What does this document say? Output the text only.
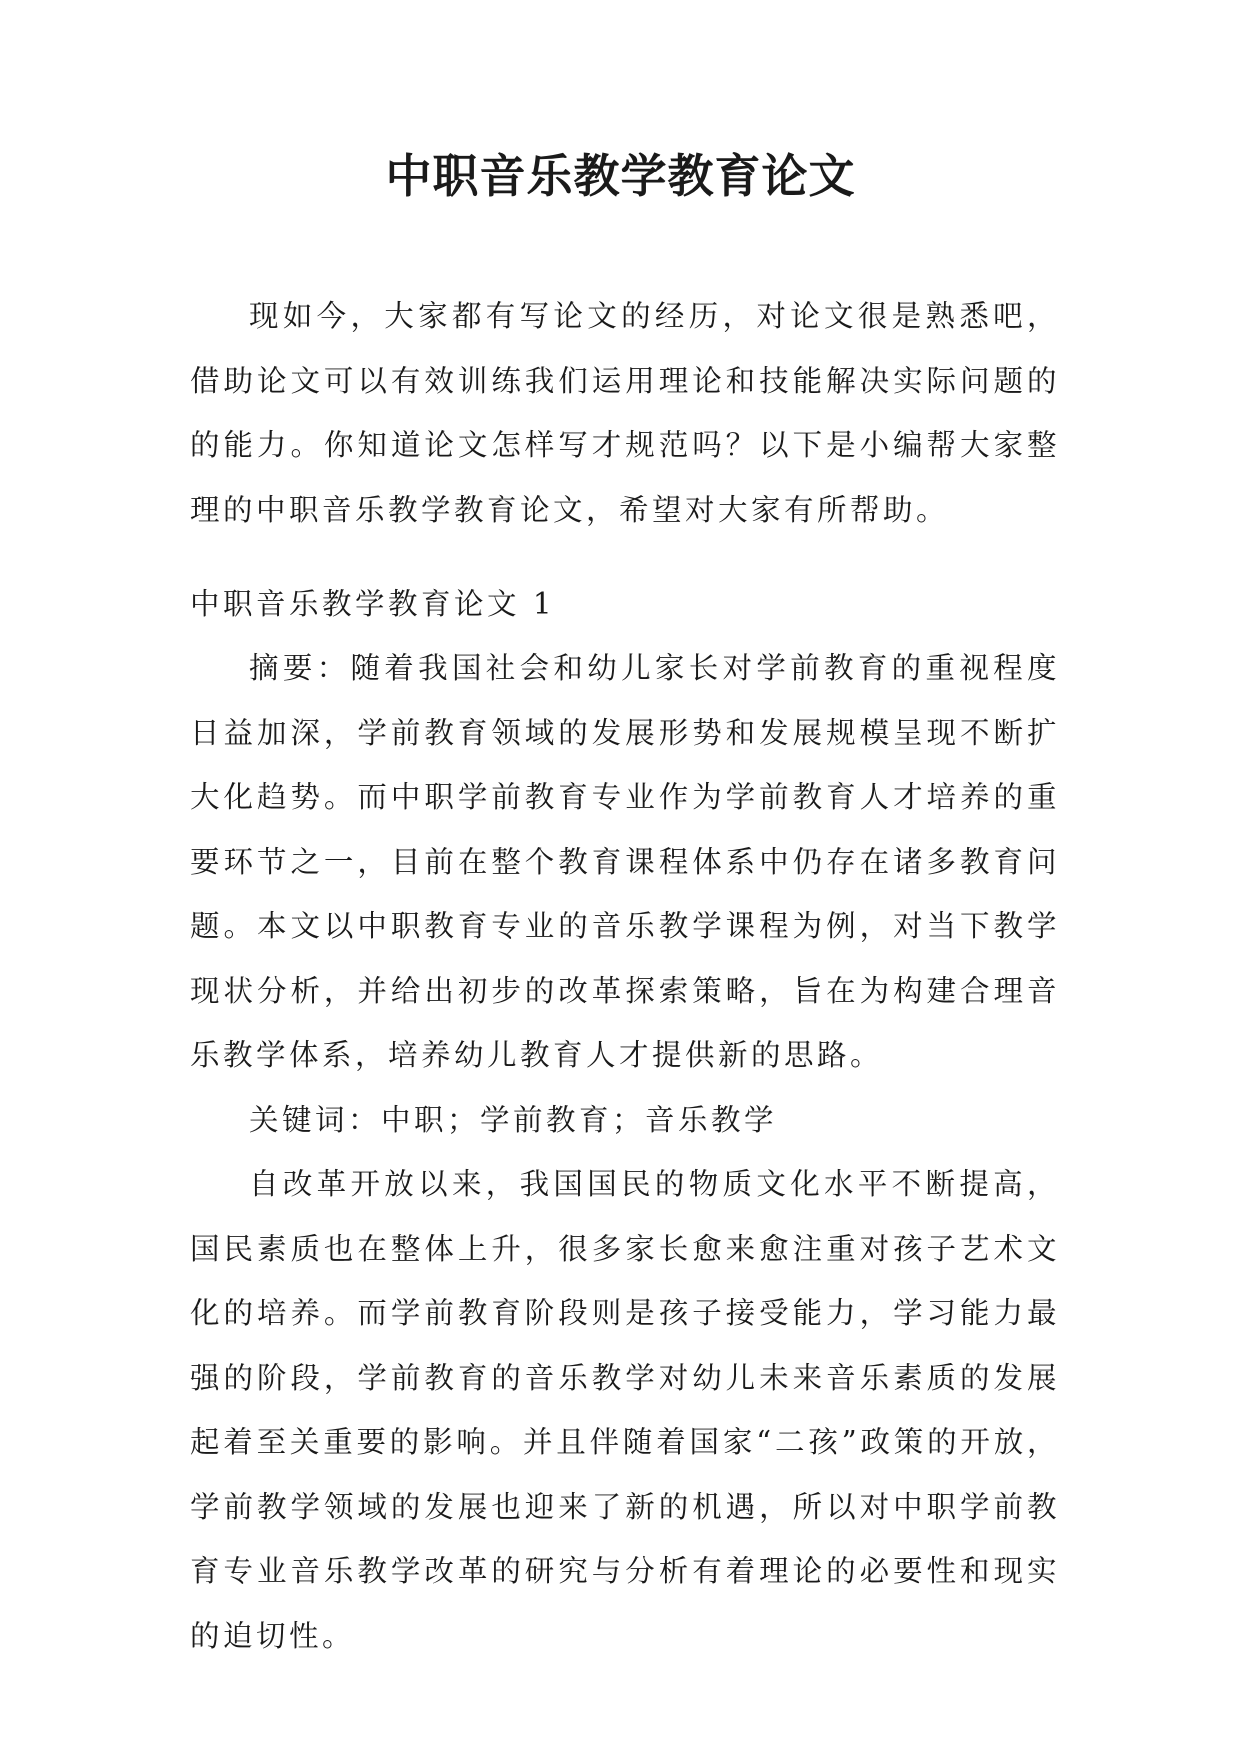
中职音乐教学教育论文

现如今，大家都有写论文的经历，对论文很是熟悉吧，借助论文可以有效训练我们运用理论和技能解决实际问题的的能力。你知道论文怎样写才规范吗？以下是小编帮大家整理的中职音乐教学教育论文，希望对大家有所帮助。

中职音乐教学教育论文 1

摘要：随着我国社会和幼儿家长对学前教育的重视程度日益加深，学前教育领域的发展形势和发展规模呈现不断扩大化趋势。而中职学前教育专业作为学前教育人才培养的重要环节之一，目前在整个教育课程体系中仍存在诸多教育问题。本文以中职教育专业的音乐教学课程为例，对当下教学现状分析，并给出初步的改革探索策略，旨在为构建合理音乐教学体系，培养幼儿教育人才提供新的思路。

关键词：中职；学前教育；音乐教学

自改革开放以来，我国国民的物质文化水平不断提高，国民素质也在整体上升，很多家长愈来愈注重对孩子艺术文化的培养。而学前教育阶段则是孩子接受能力，学习能力最强的阶段，学前教育的音乐教学对幼儿未来音乐素质的发展起着至关重要的影响。并且伴随着国家“二孩”政策的开放，学前教学领域的发展也迎来了新的机遇，所以对中职学前教育专业音乐教学改革的研究与分析有着理论的必要性和现实的迫切性。
